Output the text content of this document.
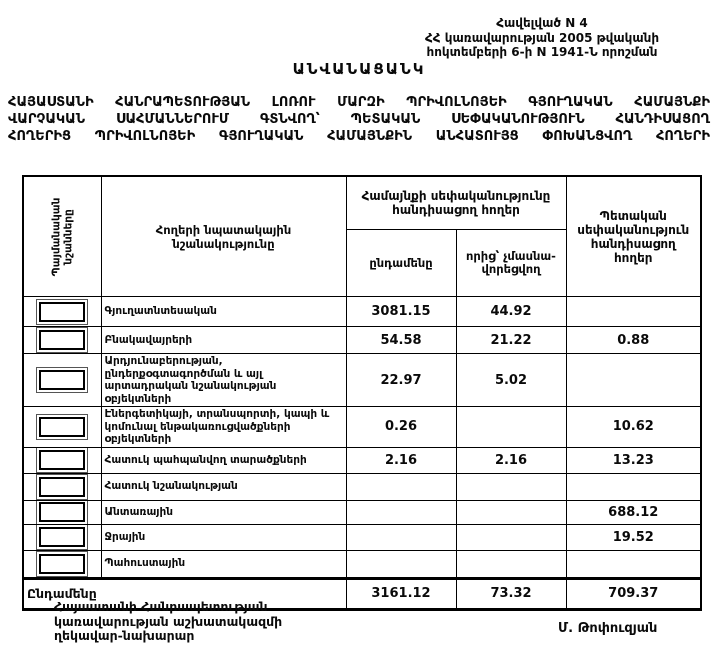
Հավելված N 4
ՀՀ կառավարության 2005 թվականի
հոկտեմբերի 6-ի N 1941-Ն որոշման
ԱՆՎԱՆԱՑԱՆԿ
ՀԱՅԱՍՏԱՆԻ ՀԱՆՐԱՊԵՏՈՒԹՅԱՆ ԼՈՌՈՒ ՄԱՐԶԻ ՊՐԻՎՈԼՆՈՅԵԻ ԳՅՈՒՂԱԿԱՆ ՀԱՄԱՅՆՔԻ
ՎԱՐՉԱԿԱՆ ՍԱՀՄԱՆՆԵՐՈՒՄ ԳՏՆՎՈՂ՝ ՊԵՏԱԿԱՆ ՍԵՓԱԿԱՆՈՒԹՅՈՒՆ ՀԱՆԴԻՍԱՑՈՂ
ՀՈՂԵՐԻՑ ՊՐԻՎՈԼՆՈՅԵԻ ԳՅՈՒՂԱԿԱՆ ՀԱՄԱՅՆՔԻՆ ԱՆՀԱՏՈՒՅՑ ՓՈԽԱՆՑՎՈՂ ՀՈՂԵՐԻ
Պայմանական նշանները	Հողերի նպատակային նշանակությունը	Համայնքի սեփականությունը հանդիսացող հողեր		Պետական սեփականություն հանդիսացող հողեր
		ընդամենը	որից՝ չմասնա-վորեցվող	

	Գյուղատնտեսական	3081.15	44.92	

	Բնակավայրերի	54.58	21.22	0.88

	Արդյունաբերության, ընդերքօգտագործման և այլ արտադրական նշանակության օբյեկտների	22.97	5.02	

	Էներգետիկայի, տրանսպորտի, կապի և կոմունալ ենթակառուցվածքների օբյեկտների	0.26		10.62

	Հատուկ պահպանվող տարածքների	2.16	2.16	13.23

	Հատուկ նշանակության			

	Անտառային			688.12

	Ջրային			19.52

	Պահուստային			
Ընդամենը		3161.12	73.32	709.37
Հայաստանի Հանրապետության
կառավարության աշխատակազմի
ղեկավար-նախարար	Մ. Թոփուզյան
